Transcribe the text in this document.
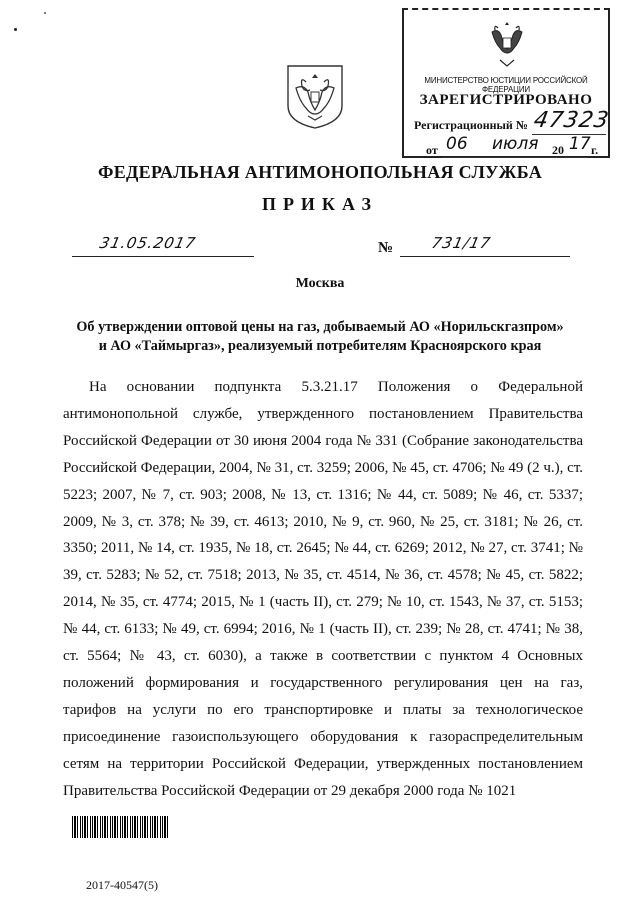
МИНИСТЕРСТВО ЮСТИЦИИ РОССИЙСКОЙ ФЕДЕРАЦИИ
ЗАРЕГИСТРИРОВАНО
Регистрационный № 47323
от 06 июля 20 17 г.
ФЕДЕРАЛЬНАЯ АНТИМОНОПОЛЬНАЯ СЛУЖБА
ПРИКАЗ
31.05.2017	№ 731/17
Москва
Об утверждении оптовой цены на газ, добываемый АО «Норильскгазпром»
и АО «Таймыргаз», реализуемый потребителям Красноярского края

На основании подпункта 5.3.21.17 Положения о Федеральной антимонопольной службе, утвержденного постановлением Правительства Российской Федерации от 30 июня 2004 года № 331 (Собрание законодательства Российской Федерации, 2004, № 31, ст. 3259; 2006, № 45, ст. 4706; № 49 (2 ч.), ст. 5223; 2007, № 7, ст. 903; 2008, № 13, ст. 1316; № 44, ст. 5089; № 46, ст. 5337; 2009, № 3, ст. 378; № 39, ст. 4613; 2010, № 9, ст. 960, № 25, ст. 3181; № 26, ст. 3350; 2011, № 14, ст. 1935, № 18, ст. 2645; № 44, ст. 6269; 2012, № 27, ст. 3741; № 39, ст. 5283; № 52, ст. 7518; 2013, № 35, ст. 4514, № 36, ст. 4578; № 45, ст. 5822; 2014, № 35, ст. 4774; 2015, № 1 (часть II), ст. 279; № 10, ст. 1543, № 37, ст. 5153; № 44, ст. 6133; № 49, ст. 6994; 2016, № 1 (часть II), ст. 239; № 28, ст. 4741; № 38, ст. 5564; № 43, ст. 6030), а также в соответствии с пунктом 4 Основных положений формирования и государственного регулирования цен на газ, тарифов на услуги по его транспортировке и платы за технологическое присоединение газоиспользующего оборудования к газораспределительным сетям на территории Российской Федерации, утвержденных постановлением Правительства Российской Федерации от 29 декабря 2000 года № 1021

2017-40547(5)
